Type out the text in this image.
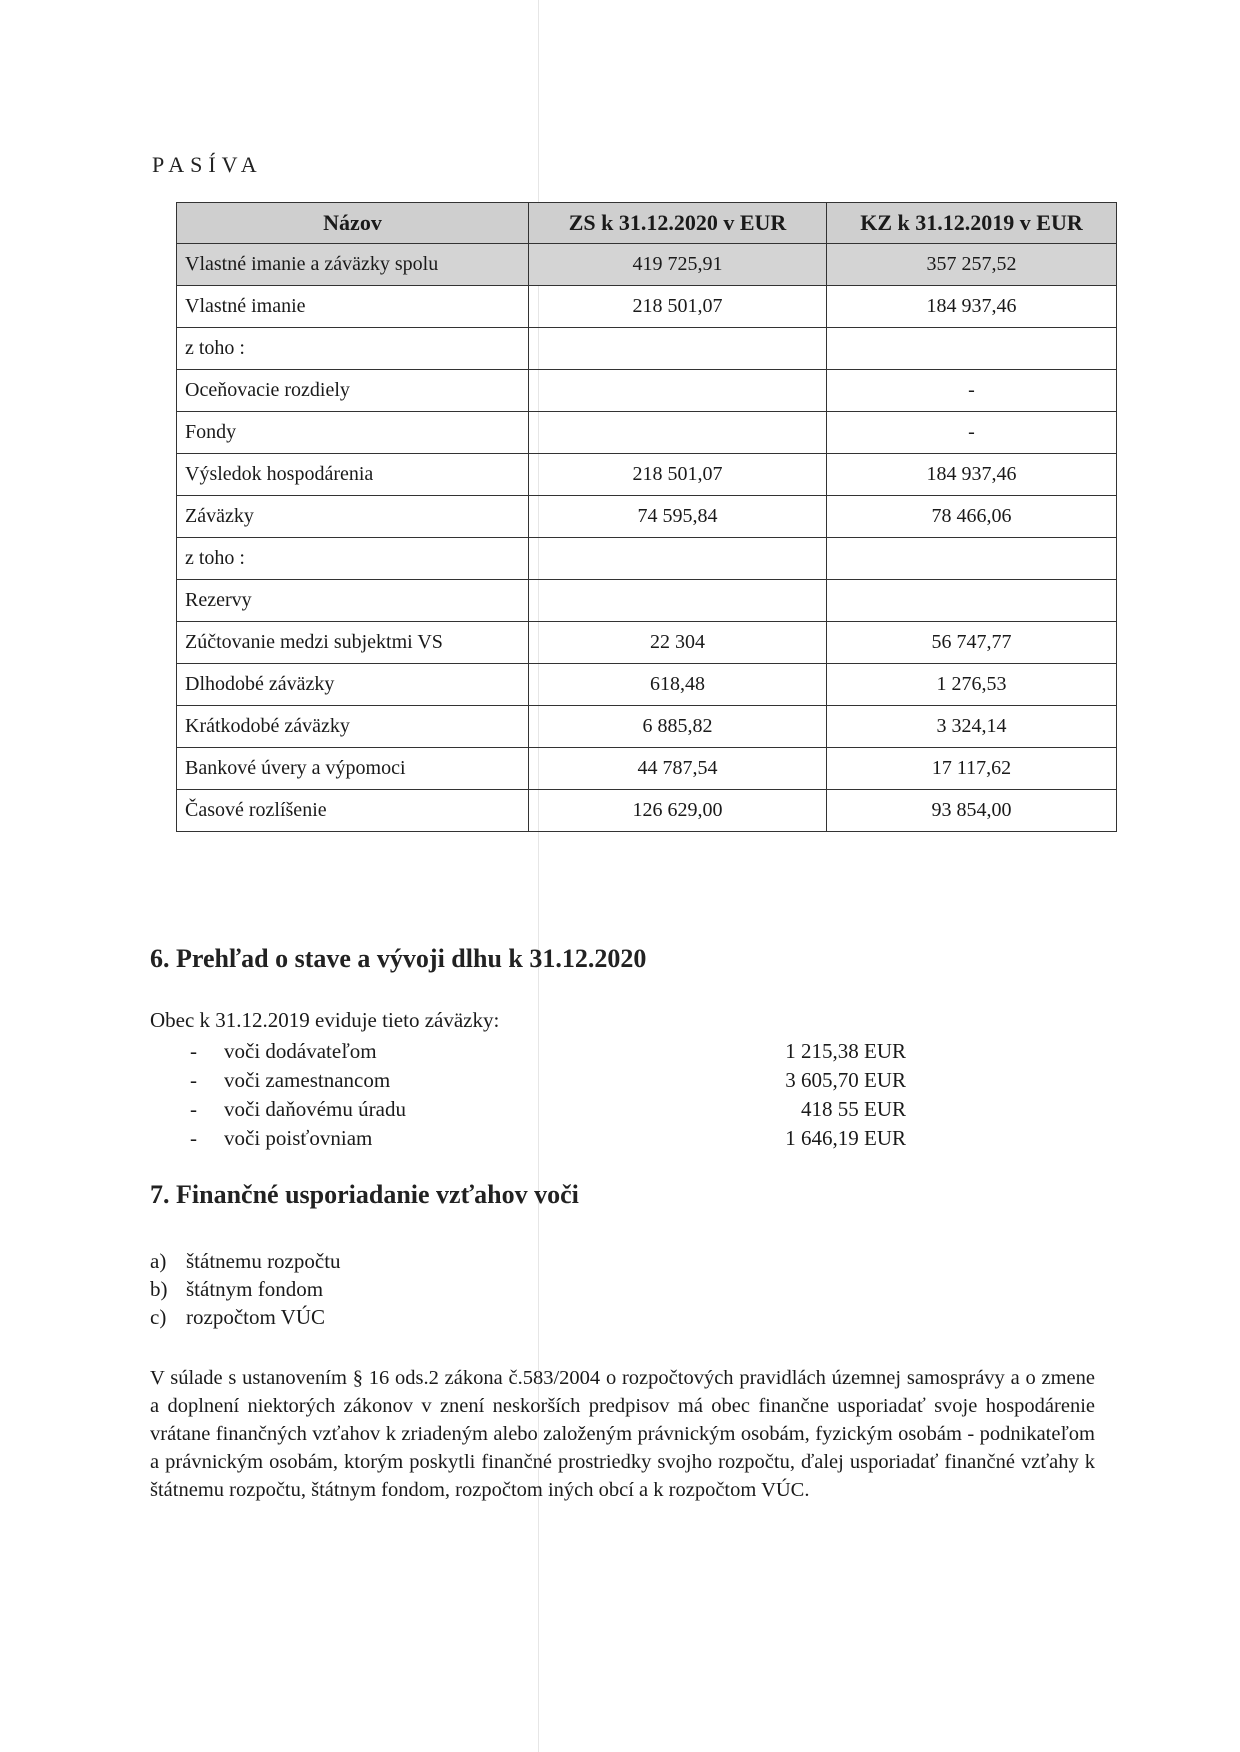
PASÍVA
Názov	ZS k 31.12.2020 v EUR	KZ k 31.12.2019 v EUR
Vlastné imanie a záväzky spolu	419 725,91	357 257,52
Vlastné imanie	218 501,07	184 937,46
z toho :		
Oceňovacie rozdiely		-
Fondy		-
Výsledok hospodárenia	218 501,07	184 937,46
Záväzky	74 595,84	78 466,06
z toho :		
Rezervy		
Zúčtovanie medzi subjektmi VS	22 304	56 747,77
Dlhodobé záväzky	618,48	1 276,53
Krátkodobé záväzky	6 885,82	3 324,14
Bankové úvery a výpomoci	44 787,54	17 117,62
Časové rozlíšenie	126 629,00	93 854,00
6. Prehľad o stave a vývoji dlhu k 31.12.2020
Obec k 31.12.2019 eviduje tieto záväzky:
-	voči dodávateľom	1 215,38 EUR
-	voči zamestnancom	3 605,70 EUR
-	voči daňovému úradu	418 55 EUR
-	voči poisťovniam	1 646,19 EUR
7. Finančné usporiadanie vzťahov voči
a) štátnemu rozpočtu
b) štátnym fondom
c) rozpočtom VÚC
V súlade s ustanovením § 16 ods.2 zákona č.583/2004 o rozpočtových pravidlách územnej samosprávy a o zmene a doplnení niektorých zákonov v znení neskorších predpisov má obec finančne usporiadať svoje hospodárenie vrátane finančných vzťahov k zriadeným alebo založeným právnickým osobám, fyzickým osobám - podnikateľom a právnickým osobám, ktorým poskytli finančné prostriedky svojho rozpočtu, ďalej usporiadať finančné vzťahy k štátnemu rozpočtu, štátnym fondom, rozpočtom iných obcí a k rozpočtom VÚC.
